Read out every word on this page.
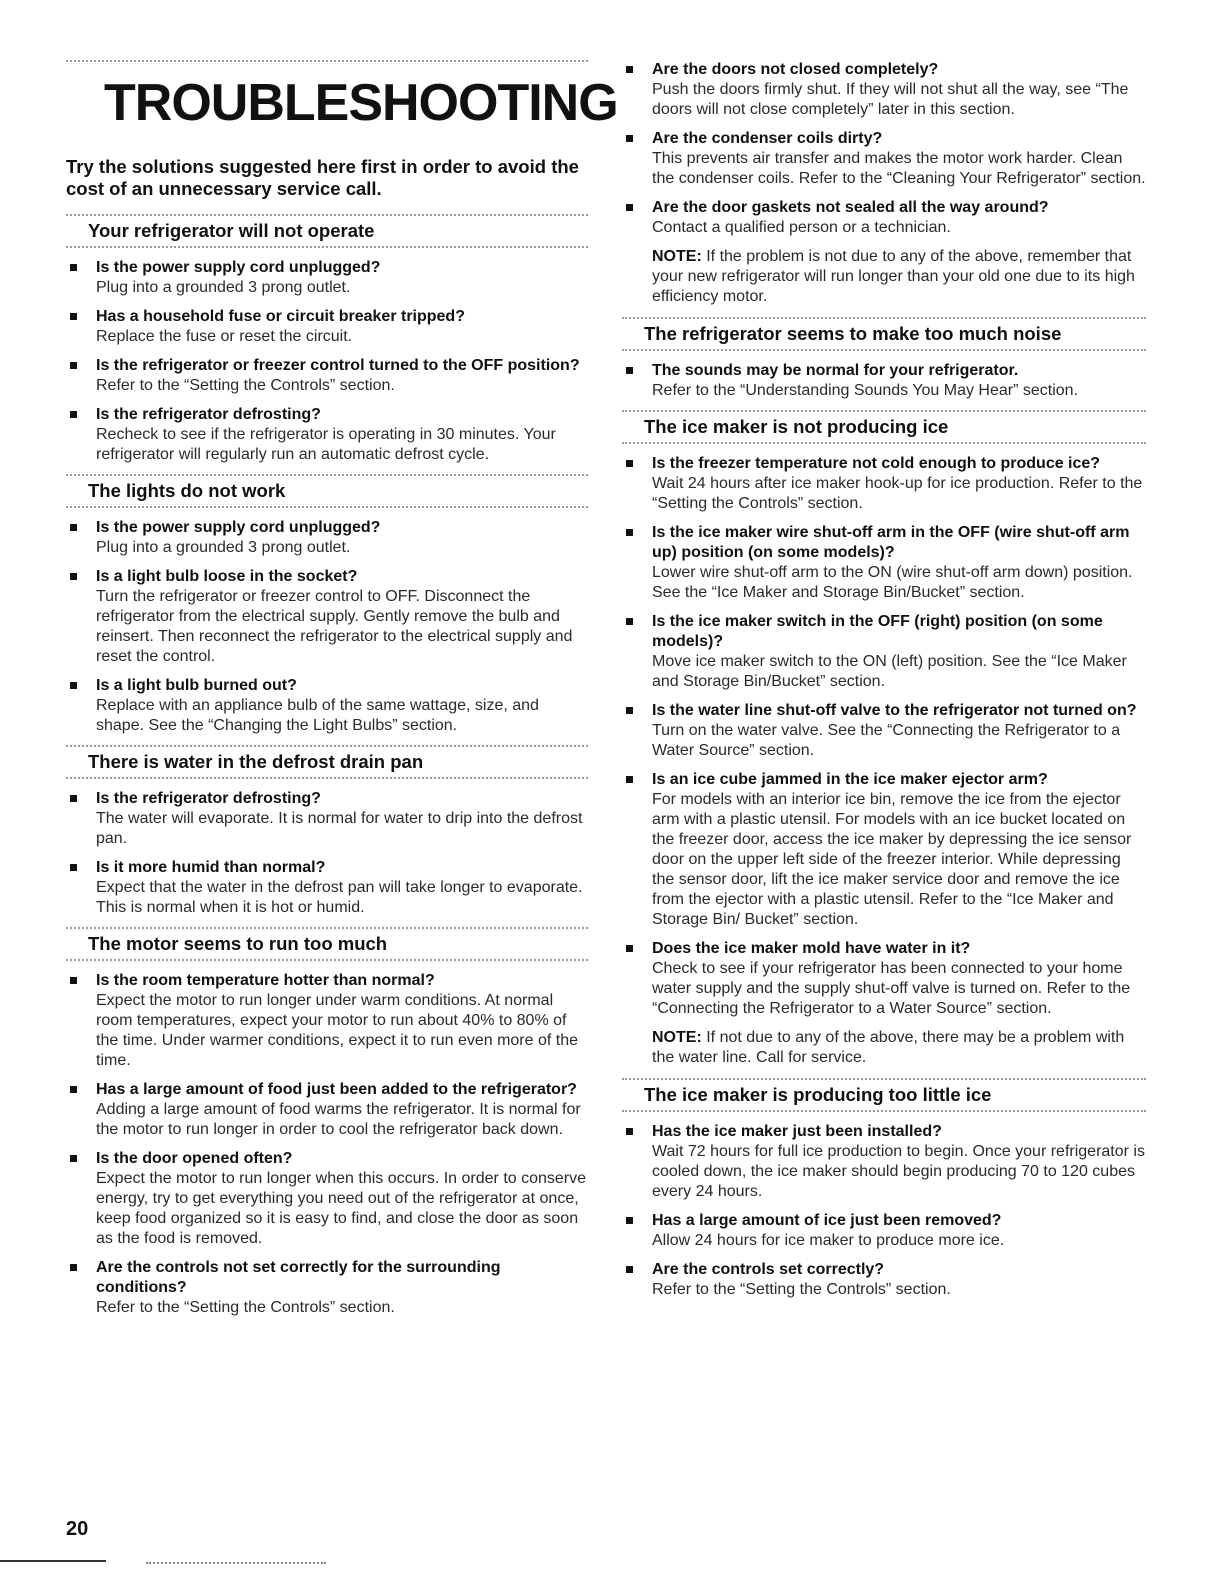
TROUBLESHOOTING
Try the solutions suggested here first in order to avoid the cost of an unnecessary service call.
Your refrigerator will not operate
Is the power supply cord unplugged?
Plug into a grounded 3 prong outlet.
Has a household fuse or circuit breaker tripped?
Replace the fuse or reset the circuit.
Is the refrigerator or freezer control turned to the OFF position?
Refer to the “Setting the Controls” section.
Is the refrigerator defrosting?
Recheck to see if the refrigerator is operating in 30 minutes. Your refrigerator will regularly run an automatic defrost cycle.
The lights do not work
Is the power supply cord unplugged?
Plug into a grounded 3 prong outlet.
Is a light bulb loose in the socket?
Turn the refrigerator or freezer control to OFF. Disconnect the refrigerator from the electrical supply. Gently remove the bulb and reinsert. Then reconnect the refrigerator to the electrical supply and reset the control.
Is a light bulb burned out?
Replace with an appliance bulb of the same wattage, size, and shape. See the “Changing the Light Bulbs” section.
There is water in the defrost drain pan
Is the refrigerator defrosting?
The water will evaporate. It is normal for water to drip into the defrost pan.
Is it more humid than normal?
Expect that the water in the defrost pan will take longer to evaporate. This is normal when it is hot or humid.
The motor seems to run too much
Is the room temperature hotter than normal?
Expect the motor to run longer under warm conditions. At normal room temperatures, expect your motor to run about 40% to 80% of the time. Under warmer conditions, expect it to run even more of the time.
Has a large amount of food just been added to the refrigerator?
Adding a large amount of food warms the refrigerator. It is normal for the motor to run longer in order to cool the refrigerator back down.
Is the door opened often?
Expect the motor to run longer when this occurs. In order to conserve energy, try to get everything you need out of the refrigerator at once, keep food organized so it is easy to find, and close the door as soon as the food is removed.
Are the controls not set correctly for the surrounding conditions?
Refer to the “Setting the Controls” section.
Are the doors not closed completely?
Push the doors firmly shut. If they will not shut all the way, see “The doors will not close completely” later in this section.
Are the condenser coils dirty?
This prevents air transfer and makes the motor work harder. Clean the condenser coils. Refer to the “Cleaning Your Refrigerator” section.
Are the door gaskets not sealed all the way around?
Contact a qualified person or a technician.
NOTE: If the problem is not due to any of the above, remember that your new refrigerator will run longer than your old one due to its high efficiency motor.
The refrigerator seems to make too much noise
The sounds may be normal for your refrigerator.
Refer to the “Understanding Sounds You May Hear” section.
The ice maker is not producing ice
Is the freezer temperature not cold enough to produce ice?
Wait 24 hours after ice maker hook-up for ice production. Refer to the “Setting the Controls” section.
Is the ice maker wire shut-off arm in the OFF (wire shut-off arm up) position (on some models)?
Lower wire shut-off arm to the ON (wire shut-off arm down) position. See the “Ice Maker and Storage Bin/Bucket” section.
Is the ice maker switch in the OFF (right) position (on some models)?
Move ice maker switch to the ON (left) position. See the “Ice Maker and Storage Bin/Bucket” section.
Is the water line shut-off valve to the refrigerator not turned on?
Turn on the water valve. See the “Connecting the Refrigerator to a Water Source” section.
Is an ice cube jammed in the ice maker ejector arm?
For models with an interior ice bin, remove the ice from the ejector arm with a plastic utensil. For models with an ice bucket located on the freezer door, access the ice maker by depressing the ice sensor door on the upper left side of the freezer interior. While depressing the sensor door, lift the ice maker service door and remove the ice from the ejector with a plastic utensil. Refer to the “Ice Maker and Storage Bin/ Bucket” section.
Does the ice maker mold have water in it?
Check to see if your refrigerator has been connected to your home water supply and the supply shut-off valve is turned on. Refer to the “Connecting the Refrigerator to a Water Source” section.
NOTE: If not due to any of the above, there may be a problem with the water line. Call for service.
The ice maker is producing too little ice
Has the ice maker just been installed?
Wait 72 hours for full ice production to begin. Once your refrigerator is cooled down, the ice maker should begin producing 70 to 120 cubes every 24 hours.
Has a large amount of ice just been removed?
Allow 24 hours for ice maker to produce more ice.
Are the controls set correctly?
Refer to the “Setting the Controls” section.
20
